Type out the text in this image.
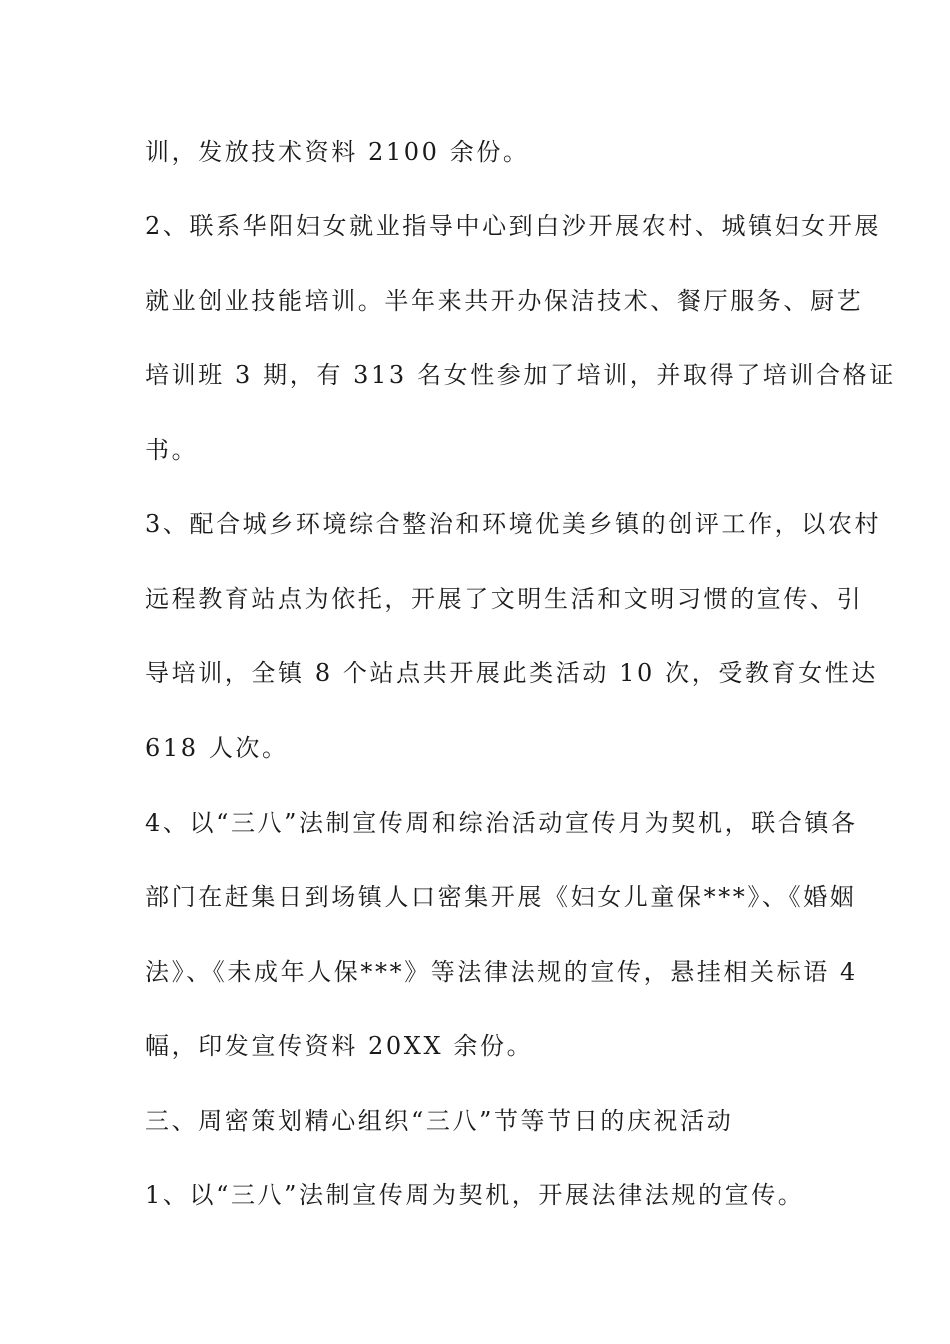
训，发放技术资料 2100 余份。
2、联系华阳妇女就业指导中心到白沙开展农村、城镇妇女开展
就业创业技能培训。半年来共开办保洁技术、餐厅服务、厨艺
培训班 3 期，有 313 名女性参加了培训，并取得了培训合格证
书。
3、配合城乡环境综合整治和环境优美乡镇的创评工作，以农村
远程教育站点为依托，开展了文明生活和文明习惯的宣传、引
导培训，全镇 8 个站点共开展此类活动 10 次，受教育女性达
618 人次。
4、以“三八”法制宣传周和综治活动宣传月为契机，联合镇各
部门在赶集日到场镇人口密集开展《妇女儿童保***》、《婚姻
法》、《未成年人保***》等法律法规的宣传，悬挂相关标语 4
幅，印发宣传资料 20XX 余份。
三、周密策划精心组织“三八”节等节日的庆祝活动
1、以“三八”法制宣传周为契机，开展法律法规的宣传。
